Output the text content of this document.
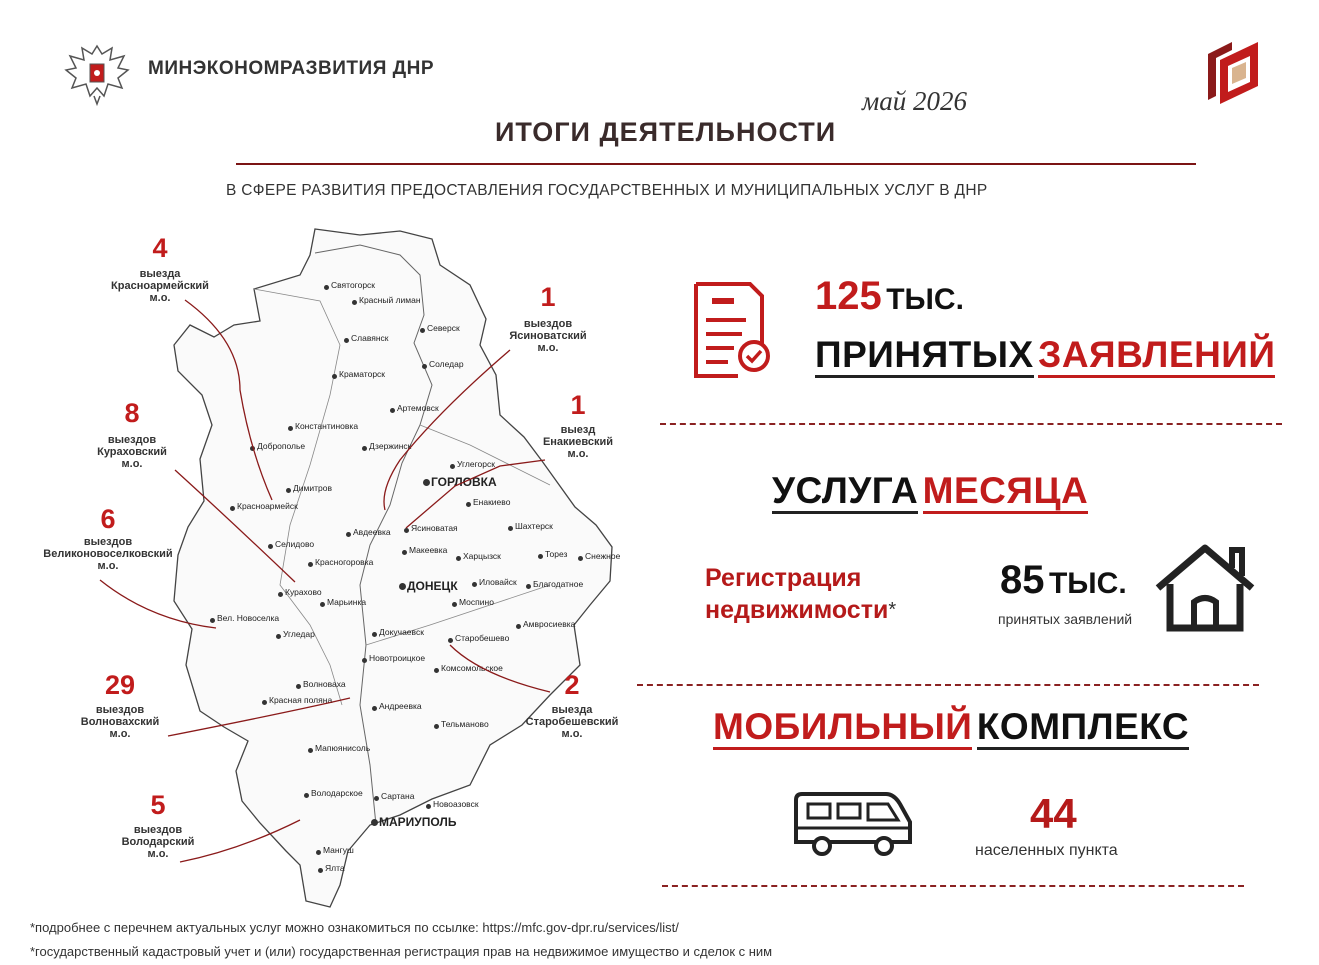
МИНЭКОНОМРАЗВИТИЯ ДНР
май 2026
ИТОГИ ДЕЯТЕЛЬНОСТИ
В СФЕРЕ РАЗВИТИЯ ПРЕДОСТАВЛЕНИЯ ГОСУДАРСТВЕННЫХ И МУНИЦИПАЛЬНЫХ УСЛУГ В ДНР
Святогорск
Красный лиман
Северск
Славянск
Соледар
Краматорск
Артемовск
Константиновка
Дзержинск
Доброполье
Углегорск
ГОРЛОВКА
Енакиево
Димитров
Красноармейск
Ясиноватая	Шахтерск
Авдеевка
Макеевка
Харцызск	Торез Снежное
Селидово
Красногоровка
ДОНЕЦК	Иловайск Благодатное
Курахово
Марьинка	Моспино
Амвросиевка
Вел. Новоселка
Угледар	Докучаевск
Старобешево
Новотроицкое
Комсомольское
Волноваха
Красная поляна
Андреевка
Тельманово
Мапюянисоль
Володарское Сартана
Новоазовск
МАРИУПОЛЬ
Мангуш
Ялта
4
выезда
Красноармейский
м.о.	1
выездов
Ясиноватский
м.о.
8
выездов
Кураховский
м.о.
1
выезд
Енакиевский
м.о.
6
выездов
Великоновоселковский
м.о.
2
выезда
Старобешевский
м.о.
29
выездов
Волновахский
м.о.
5
выездов
Володарский
м.о.
125 ТЫС.
ПРИНЯТЫХ ЗАЯВЛЕНИЙ
УСЛУГА МЕСЯЦА
Регистрация
недвижимости*
85 ТЫС.
принятых заявлений
МОБИЛЬНЫЙ КОМПЛЕКС
44
населенных пункта
*подробнее с перечнем актуальных услуг можно ознакомиться по ссылке: https://mfc.gov-dpr.ru/services/list/
*государственный кадастровый учет и (или) государственная регистрация прав на недвижимое имущество и сделок с ним
